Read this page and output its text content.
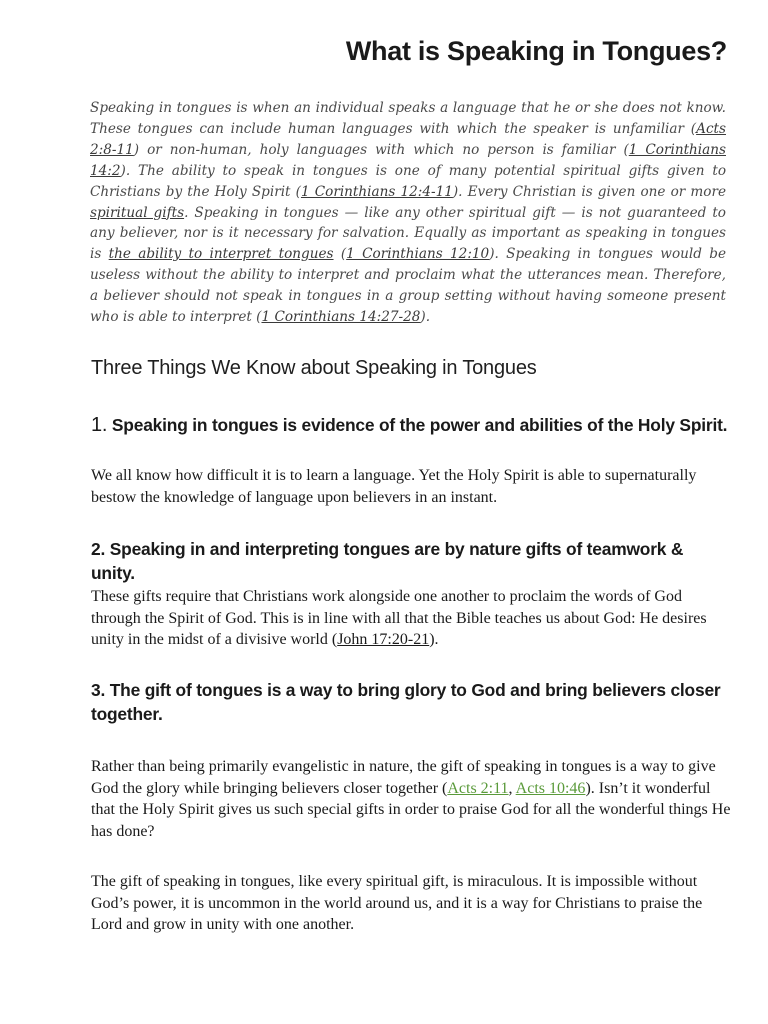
What is Speaking in Tongues?

Speaking in tongues is when an individual speaks a language that he or she does not know. These tongues can include human languages with which the speaker is unfamiliar (Acts 2:8-11) or non-human, holy languages with which no person is familiar (1 Corinthians 14:2). The ability to speak in tongues is one of many potential spiritual gifts given to Christians by the Holy Spirit (1 Corinthians 12:4-11). Every Christian is given one or more spiritual gifts. Speaking in tongues — like any other spiritual gift — is not guaranteed to any believer, nor is it necessary for salvation. Equally as important as speaking in tongues is the ability to interpret tongues (1 Corinthians 12:10). Speaking in tongues would be useless without the ability to interpret and proclaim what the utterances mean. Therefore, a believer should not speak in tongues in a group setting without having someone present who is able to interpret (1 Corinthians 14:27-28).

Three Things We Know about Speaking in Tongues
1. Speaking in tongues is evidence of the power and abilities of the Holy Spirit.
We all know how difficult it is to learn a language. Yet the Holy Spirit is able to supernaturally bestow the knowledge of language upon believers in an instant.
2. Speaking in and interpreting tongues are by nature gifts of teamwork & unity.
These gifts require that Christians work alongside one another to proclaim the words of God through the Spirit of God. This is in line with all that the Bible teaches us about God: He desires unity in the midst of a divisive world (John 17:20-21).
3. The gift of tongues is a way to bring glory to God and bring believers closer together.
Rather than being primarily evangelistic in nature, the gift of speaking in tongues is a way to give God the glory while bringing believers closer together (Acts 2:11, Acts 10:46). Isn’t it wonderful that the Holy Spirit gives us such special gifts in order to praise God for all the wonderful things He has done?
The gift of speaking in tongues, like every spiritual gift, is miraculous. It is impossible without God’s power, it is uncommon in the world around us, and it is a way for Christians to praise the Lord and grow in unity with one another.
